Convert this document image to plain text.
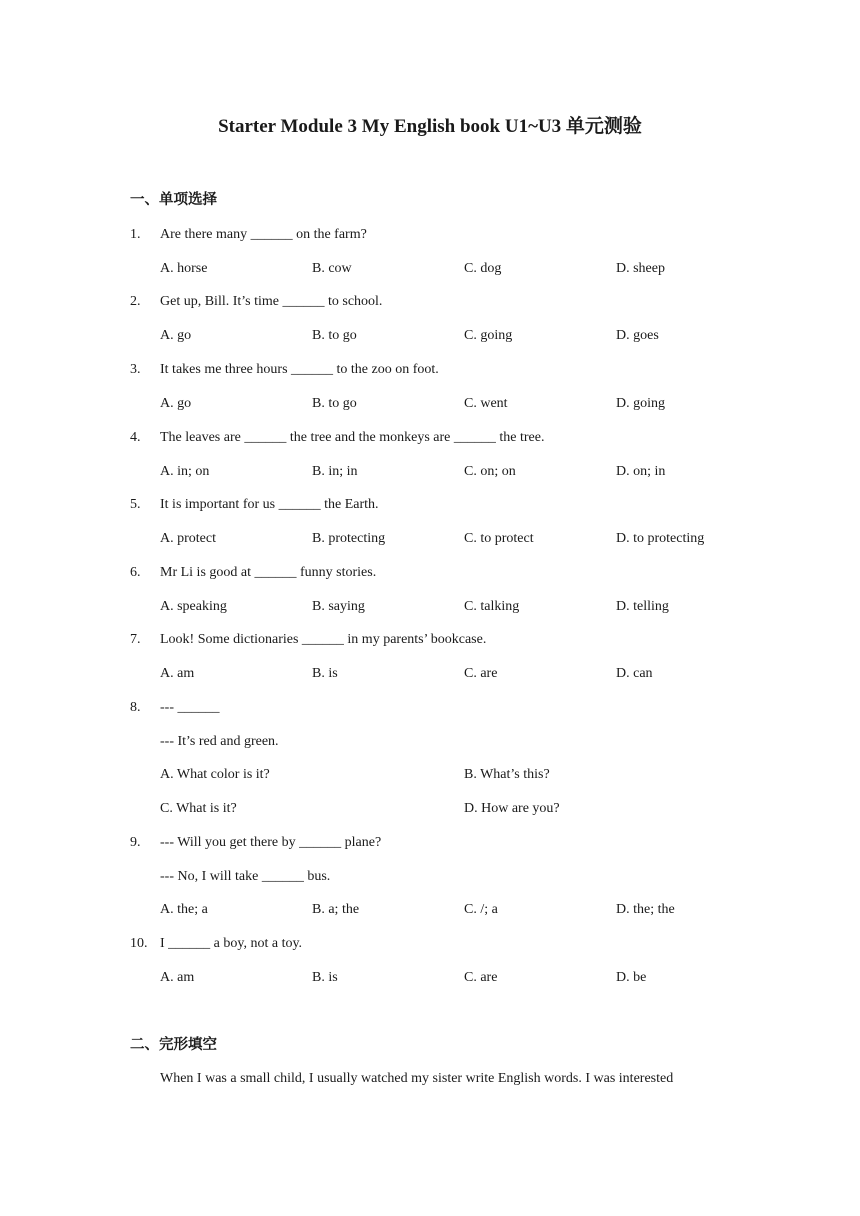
Starter Module 3 My English book U1~U3 单元测验
一、单项选择
1. Are there many ______ on the farm?
A. horse	B. cow	C. dog	D. sheep
2. Get up, Bill. It’s time ______ to school.
A. go	B. to go	C. going	D. goes
3. It takes me three hours ______ to the zoo on foot.
A. go	B. to go	C. went	D. going
4. The leaves are ______ the tree and the monkeys are ______ the tree.
A. in; on	B. in; in	C. on; on	D. on; in
5. It is important for us ______ the Earth.
A. protect	B. protecting	C. to protect	D. to protecting
6. Mr Li is good at ______ funny stories.
A. speaking	B. saying	C. talking	D. telling
7. Look! Some dictionaries ______ in my parents’ bookcase.
A. am	B. is	C. are	D. can
8. --- ______
--- It’s red and green.
A. What color is it?	B. What’s this?
C. What is it?	D. How are you?
9. --- Will you get there by ______ plane?
--- No, I will take ______ bus.
A. the; a	B. a; the	C. /; a	D. the; the
10. I ______ a boy, not a toy.
A. am	B. is	C. are	D. be
二、完形填空
When I was a small child, I usually watched my sister write English words. I was interested
